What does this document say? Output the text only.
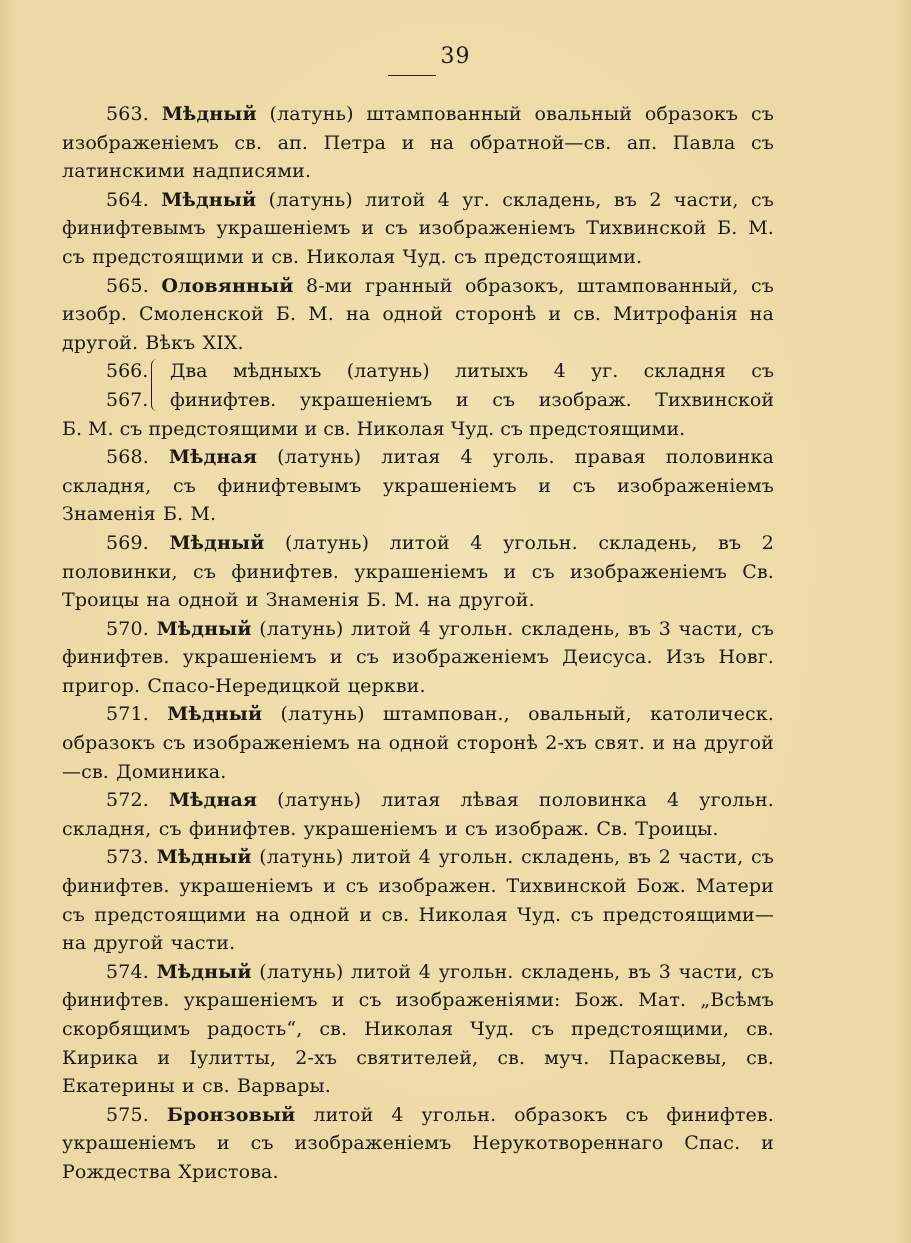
39

563. Мѣдный (латунь) штампованный овальный образокъ съ изображеніемъ св. ап. Петра и на обратной—св. ап. Павла съ латинскими надписями.

564. Мѣдный (латунь) литой 4 уг. складень, въ 2 части, съ финифтевымъ украшеніемъ и съ изображеніемъ Тихвинской Б. М. съ предстоящими и св. Николая Чуд. съ предстоящими.

565. Оловянный 8-ми гранный образокъ, штампованный, съ изобр. Смоленской Б. М. на одной сторонѣ и св. Митрофанія на другой. Вѣкъ XIX.

566.
567.
Два мѣдныхъ (латунь) литыхъ 4 уг. складня съ
финифтев. украшеніемъ и съ изображ. Тихвинской

Б. М. съ предстоящими и св. Николая Чуд. съ предстоящими.

568. Мѣдная (латунь) литая 4 уголь. правая половинка складня, съ финифтевымъ украшеніемъ и съ изображеніемъ Знаменія Б. М.

569. Мѣдный (латунь) литой 4 угольн. складень, въ 2 половинки, съ финифтев. украшеніемъ и съ изображеніемъ Св. Троицы на одной и Знаменія Б. М. на другой.

570. Мѣдный (латунь) литой 4 угольн. складень, въ 3 части, съ финифтев. украшеніемъ и съ изображеніемъ Деисуса. Изъ Новг. пригор. Спасо-Нередицкой церкви.

571. Мѣдный (латунь) штампован., овальный, католическ. образокъ съ изображеніемъ на одной сторонѣ 2-хъ свят. и на другой—св. Доминика.

572. Мѣдная (латунь) литая лѣвая половинка 4 угольн. складня, съ финифтев. украшеніемъ и съ изображ. Св. Троицы.

573. Мѣдный (латунь) литой 4 угольн. складень, въ 2 части, съ финифтев. украшеніемъ и съ изображен. Тихвинской Бож. Матери съ предстоящими на одной и св. Николая Чуд. съ предстоящими—на другой части.

574. Мѣдный (латунь) литой 4 угольн. складень, въ 3 части, съ финифтев. украшеніемъ и съ изображеніями: Бож. Мат. „Всѣмъ скорбящимъ радость“, св. Николая Чуд. съ предстоящими, св. Кирика и Іулитты, 2-хъ святителей, св. муч. Параскевы, св. Екатерины и св. Варвары.

575. Бронзовый литой 4 угольн. образокъ съ финифтев. украшеніемъ и съ изображеніемъ Нерукотвореннаго Спас. и Рождества Христова.
